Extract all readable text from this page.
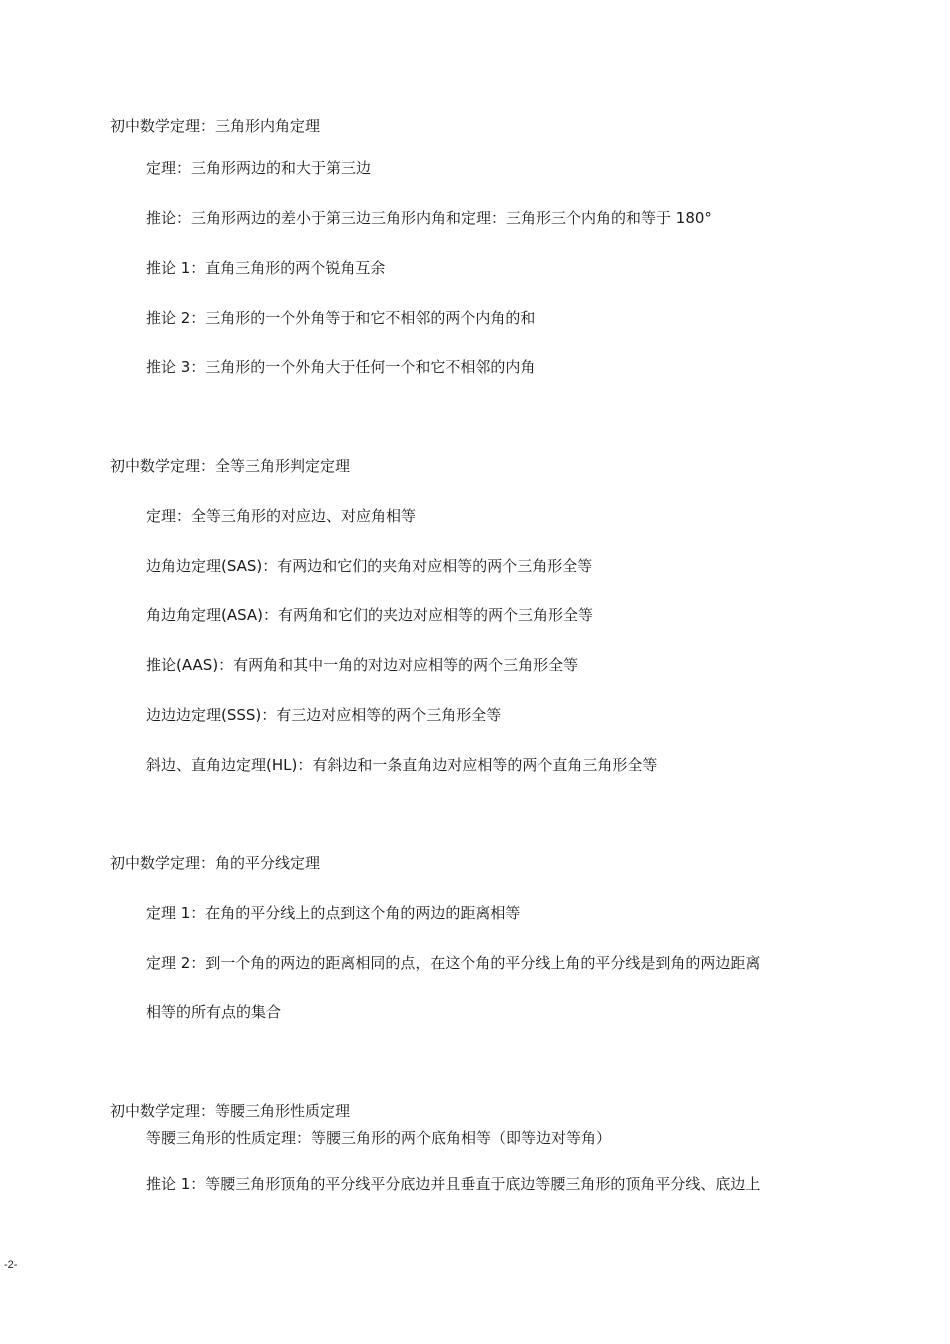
初中数学定理：三角形内角定理
定理：三角形两边的和大于第三边
推论：三角形两边的差小于第三边三角形内角和定理：三角形三个内角的和等于 180°
推论 1：直角三角形的两个锐角互余
推论 2：三角形的一个外角等于和它不相邻的两个内角的和
推论 3：三角形的一个外角大于任何一个和它不相邻的内角
初中数学定理：全等三角形判定定理
定理：全等三角形的对应边、对应角相等
边角边定理(SAS)：有两边和它们的夹角对应相等的两个三角形全等
角边角定理(ASA)：有两角和它们的夹边对应相等的两个三角形全等
推论(AAS)：有两角和其中一角的对边对应相等的两个三角形全等
边边边定理(SSS)：有三边对应相等的两个三角形全等
斜边、直角边定理(HL)：有斜边和一条直角边对应相等的两个直角三角形全等
初中数学定理：角的平分线定理
定理 1：在角的平分线上的点到这个角的两边的距离相等
定理 2：到一个角的两边的距离相同的点，在这个角的平分线上角的平分线是到角的两边距离
相等的所有点的集合
初中数学定理：等腰三角形性质定理
等腰三角形的性质定理：等腰三角形的两个底角相等（即等边对等角）
推论 1：等腰三角形顶角的平分线平分底边并且垂直于底边等腰三角形的顶角平分线、底边上
-2-
